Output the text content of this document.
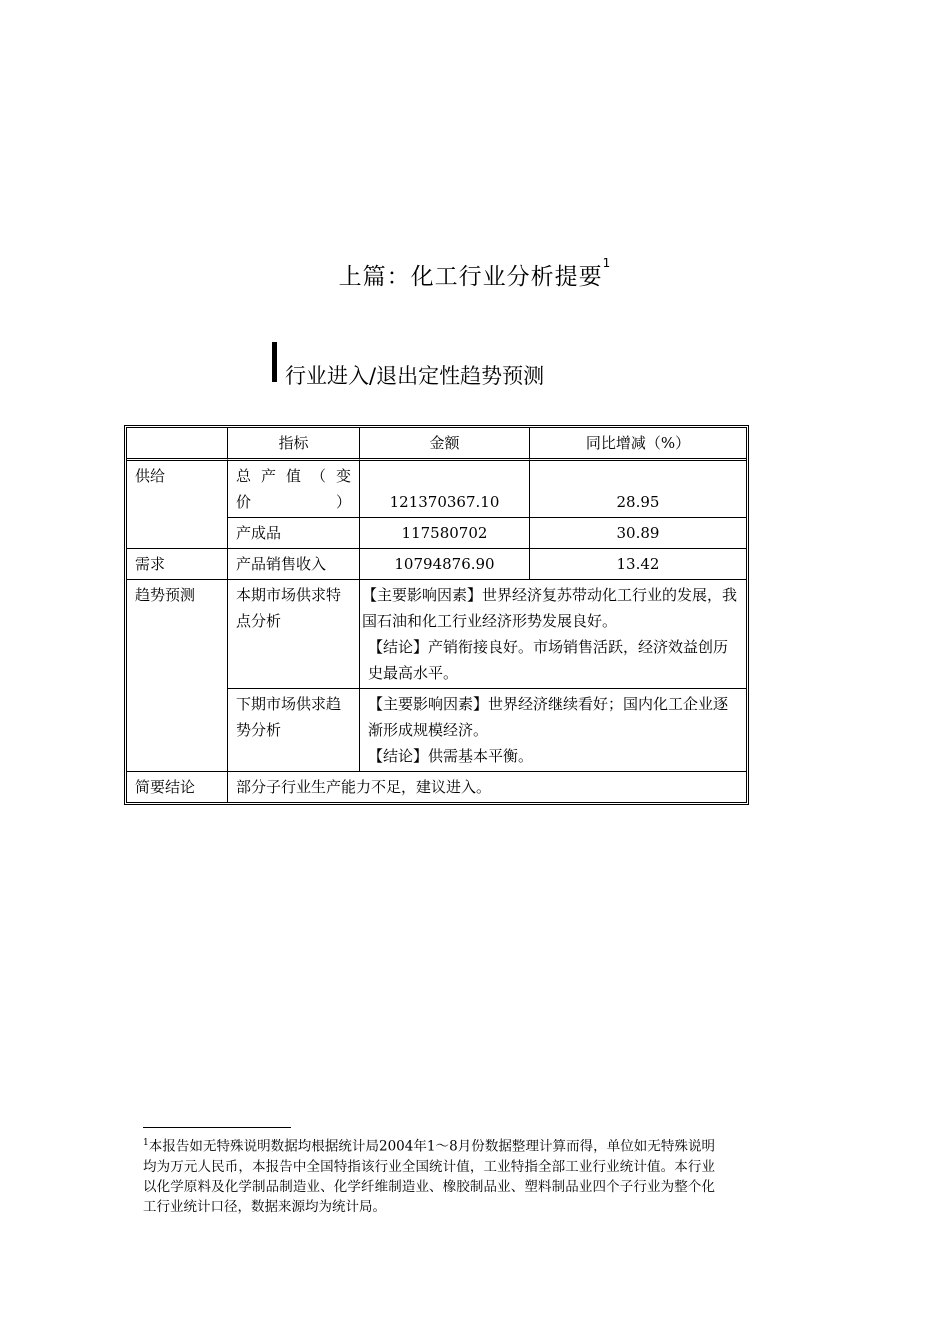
上篇：化工行业分析提要$^1$
行业进入/退出定性趋势预测
	指标	金额	同比增减（%）
供给	总 产 值 （ 变 价）	121370367.10	28.95
	产成品	117580702	30.89
需求	产品销售收入	10794876.90	13.42
趋势预测	本期市场供求特点分析	【主要影响因素】世界经济复苏带动化工行业的发展，我国石油和化工行业经济形势发展良好。

【结论】产销衔接良好。市场销售活跃，经济效益创历史最高水平。	

	下期市场供求趋势分析	【主要影响因素】世界经济继续看好；国内化工企业逐渐形成规模经济。

【结论】供需基本平衡。	

简要结论	部分子行业生产能力不足，建议进入。		
$^1$本报告如无特殊说明数据均根据统计局2004年1～8月份数据整理计算而得，单位如无特殊说明均为万元人民币，本报告中全国特指该行业全国统计值，工业特指全部工业行业统计值。本行业以化学原料及化学制品制造业、化学纤维制造业、橡胶制品业、塑料制品业四个子行业为整个化工行业统计口径，数据来源均为统计局。
